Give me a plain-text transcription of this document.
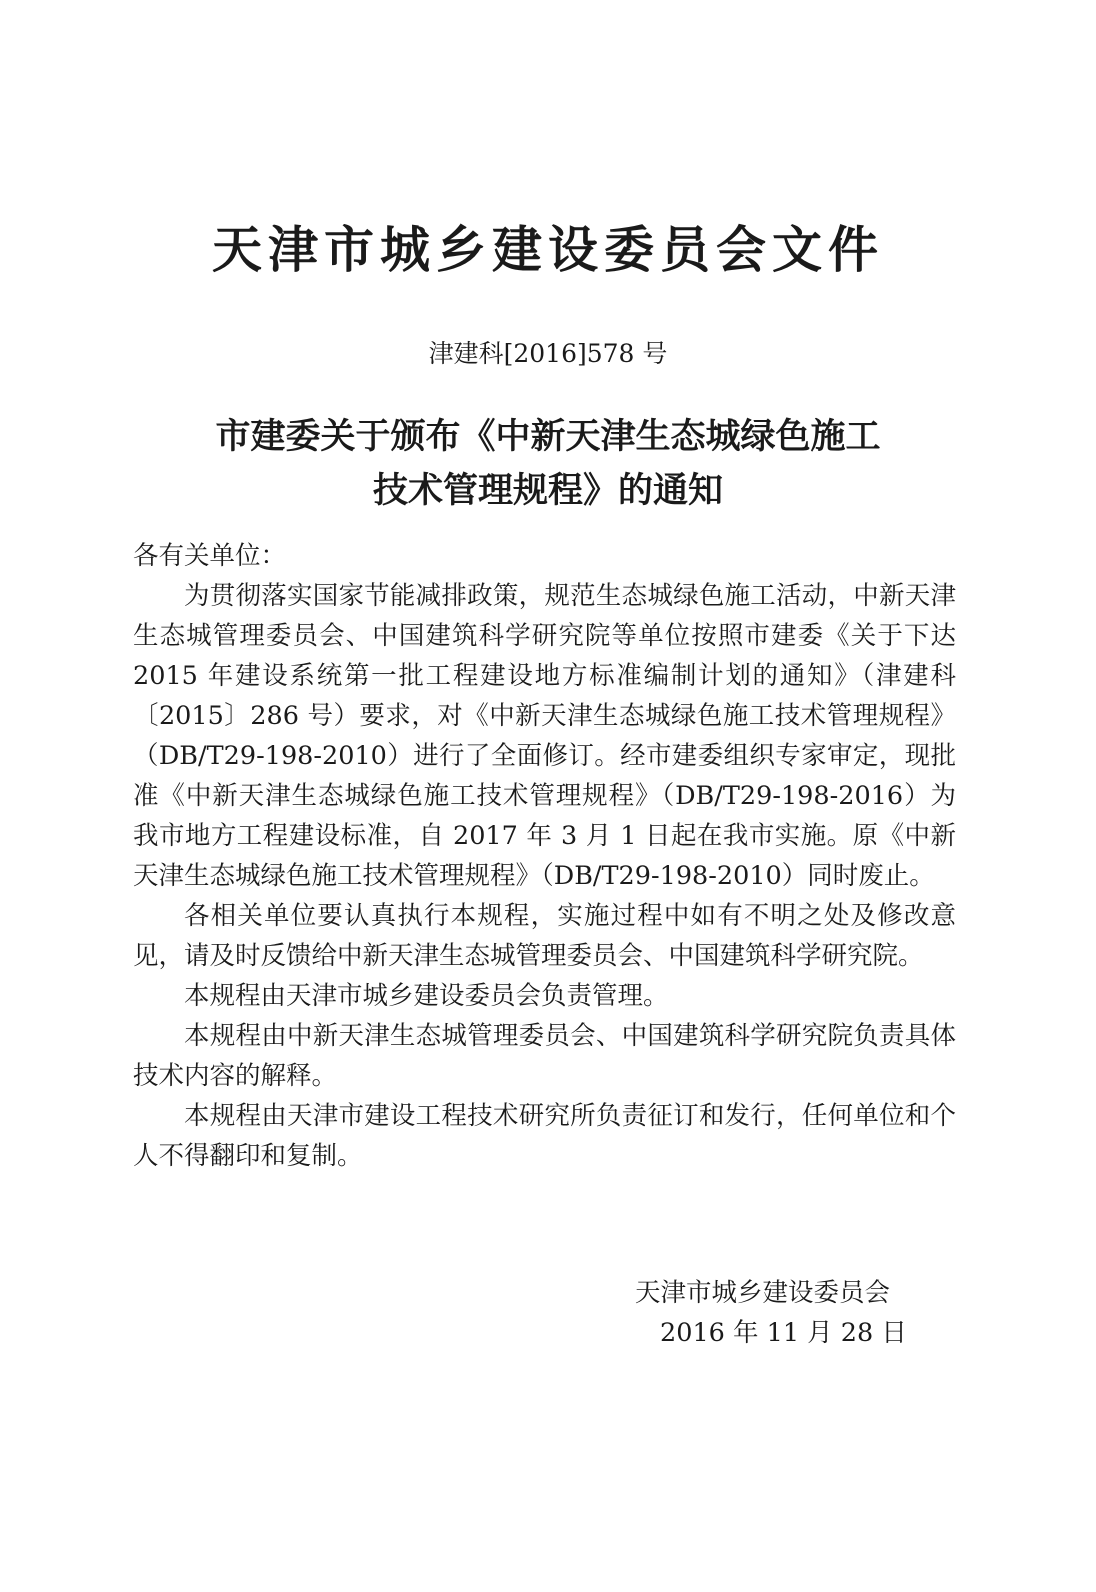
天津市城乡建设委员会文件

津建科[2016]578 号

市建委关于颁布《中新天津生态城绿色施工
技术管理规程》的通知

各有关单位：

为贯彻落实国家节能减排政策，规范生态城绿色施工活动，中新天津生态城管理委员会、中国建筑科学研究院等单位按照市建委《关于下达 2015 年建设系统第一批工程建设地方标准编制计划的通知》（津建科〔2015〕286 号）要求，对《中新天津生态城绿色施工技术管理规程》（DB/T29-198-2010）进行了全面修订。经市建委组织专家审定，现批准《中新天津生态城绿色施工技术管理规程》（DB/T29-198-2016）为我市地方工程建设标准，自 2017 年 3 月 1 日起在我市实施。原《中新天津生态城绿色施工技术管理规程》（DB/T29-198-2010）同时废止。

各相关单位要认真执行本规程，实施过程中如有不明之处及修改意见，请及时反馈给中新天津生态城管理委员会、中国建筑科学研究院。

本规程由天津市城乡建设委员会负责管理。

本规程由中新天津生态城管理委员会、中国建筑科学研究院负责具体技术内容的解释。

本规程由天津市建设工程技术研究所负责征订和发行，任何单位和个人不得翻印和复制。

天津市城乡建设委员会

2016 年 11 月 28 日
